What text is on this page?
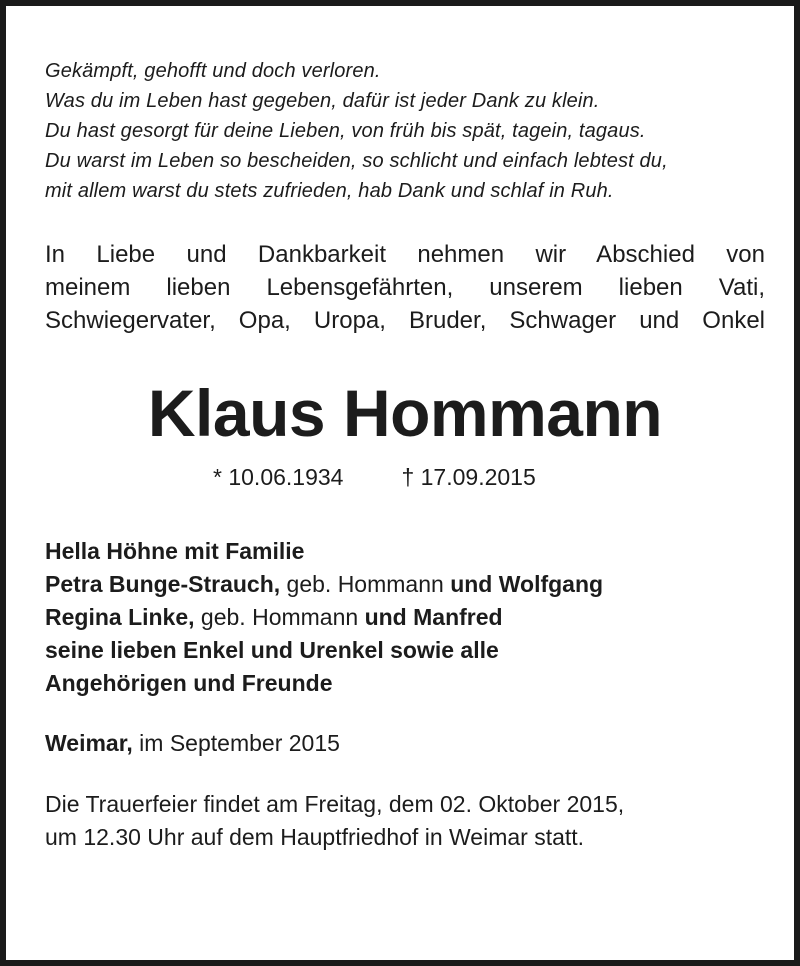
Gekämpft, gehofft und doch verloren.
Was du im Leben hast gegeben, dafür ist jeder Dank zu klein.
Du hast gesorgt für deine Lieben, von früh bis spät, tagein, tagaus.
Du warst im Leben so bescheiden, so schlicht und einfach lebtest du,
mit allem warst du stets zufrieden, hab Dank und schlaf in Ruh.
In Liebe und Dankbarkeit nehmen wir Abschied von
meinem lieben Lebensgefährten, unserem lieben Vati,
Schwiegervater, Opa, Uropa, Bruder, Schwager und Onkel
Klaus Hommann
* 10.06.1934	† 17.09.2015
Hella Höhne mit Familie
Petra Bunge-Strauch, geb. Hommann und Wolfgang
Regina Linke, geb. Hommann und Manfred
seine lieben Enkel und Urenkel sowie alle
Angehörigen und Freunde
Weimar, im September 2015
Die Trauerfeier findet am Freitag, dem 02. Oktober 2015,
um 12.30 Uhr auf dem Hauptfriedhof in Weimar statt.
